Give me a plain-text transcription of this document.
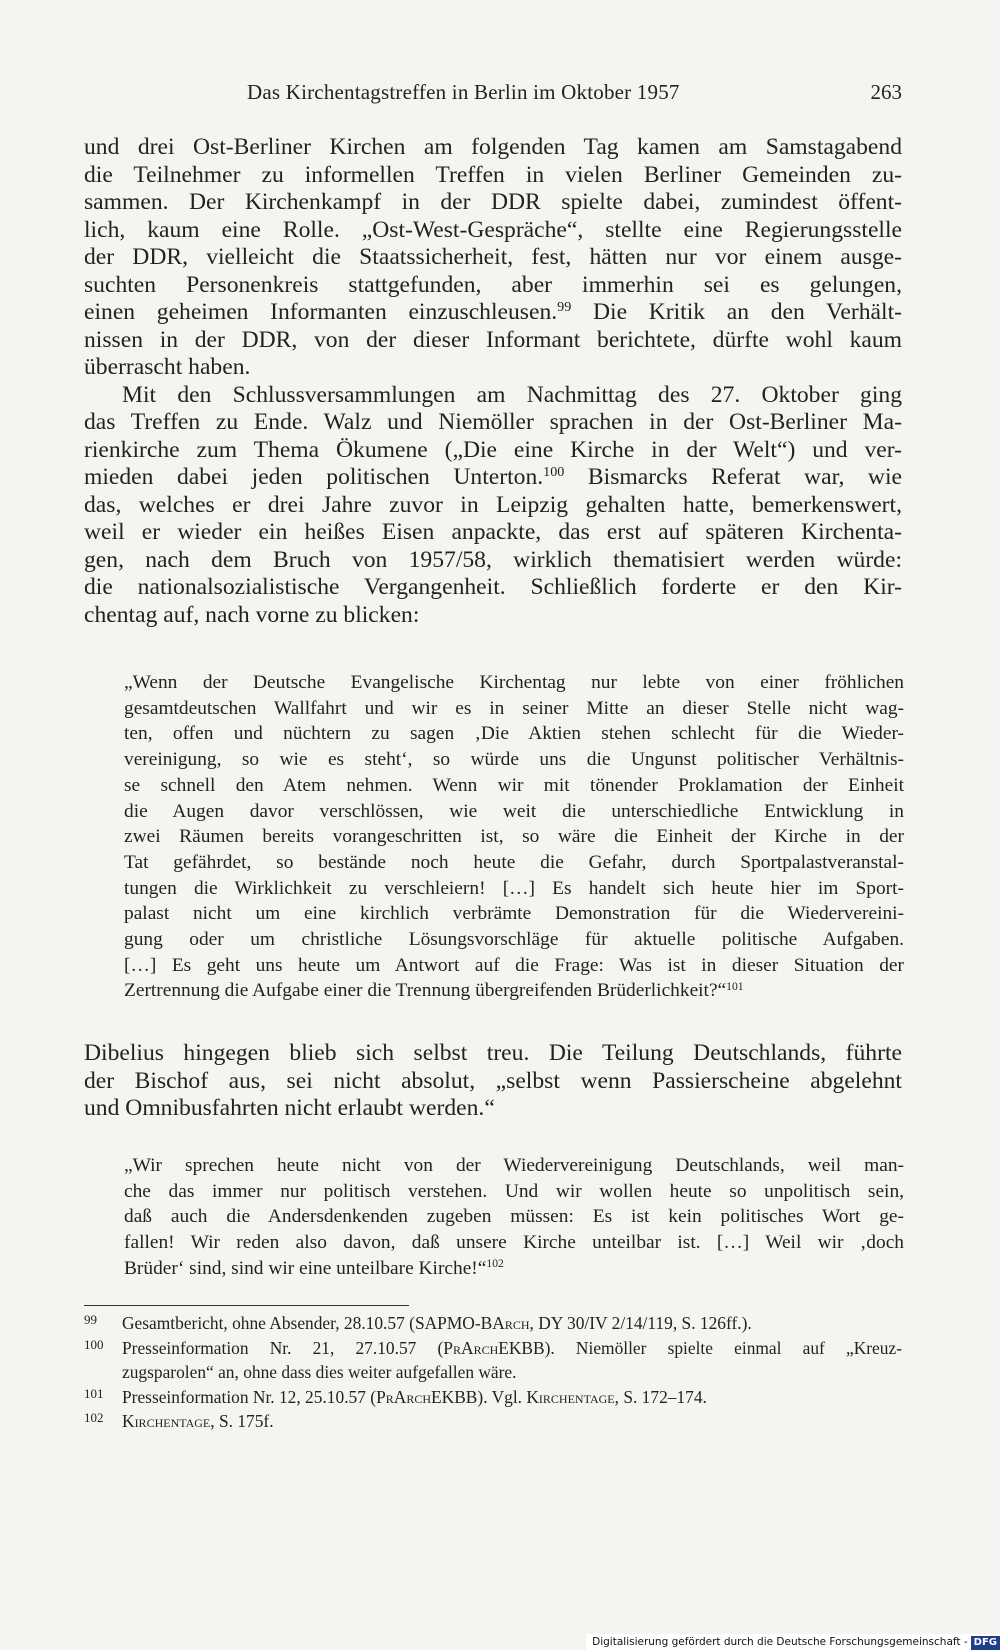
Das Kirchentagstreffen in Berlin im Oktober 1957	263

und drei Ost-Berliner Kirchen am folgenden Tag kamen am Samstagabend
die Teilnehmer zu informellen Treffen in vielen Berliner Gemeinden zu-
sammen. Der Kirchenkampf in der DDR spielte dabei, zumindest öffent-
lich, kaum eine Rolle. „Ost-West-Gespräche“, stellte eine Regierungsstelle
der DDR, vielleicht die Staatssicherheit, fest, hätten nur vor einem ausge-
suchten Personenkreis stattgefunden, aber immerhin sei es gelungen,
einen geheimen Informanten einzuschleusen.$^{99}$ Die Kritik an den Verhält-
nissen in der DDR, von der dieser Informant berichtete, dürfte wohl kaum
überrascht haben.

Mit den Schlussversammlungen am Nachmittag des 27. Oktober ging
das Treffen zu Ende. Walz und Niemöller sprachen in der Ost-Berliner Ma-
rienkirche zum Thema Ökumene („Die eine Kirche in der Welt“) und ver-
mieden dabei jeden politischen Unterton.$^{100}$ Bismarcks Referat war, wie
das, welches er drei Jahre zuvor in Leipzig gehalten hatte, bemerkenswert,
weil er wieder ein heißes Eisen anpackte, das erst auf späteren Kirchenta-
gen, nach dem Bruch von 1957/58, wirklich thematisiert werden würde:
die nationalsozialistische Vergangenheit. Schließlich forderte er den Kir-
chentag auf, nach vorne zu blicken:

„Wenn der Deutsche Evangelische Kirchentag nur lebte von einer fröhlichen
gesamtdeutschen Wallfahrt und wir es in seiner Mitte an dieser Stelle nicht wag-
ten, offen und nüchtern zu sagen ‚Die Aktien stehen schlecht für die Wieder-
vereinigung, so wie es steht‘, so würde uns die Ungunst politischer Verhältnis-
se schnell den Atem nehmen. Wenn wir mit tönender Proklamation der Einheit
die Augen davor verschlössen, wie weit die unterschiedliche Entwicklung in
zwei Räumen bereits vorangeschritten ist, so wäre die Einheit der Kirche in der
Tat gefährdet, so bestände noch heute die Gefahr, durch Sportpalastveranstal-
tungen die Wirklichkeit zu verschleiern! […] Es handelt sich heute hier im Sport-
palast nicht um eine kirchlich verbrämte Demonstration für die Wiedervereini-
gung oder um christliche Lösungsvorschläge für aktuelle politische Aufgaben.
[…] Es geht uns heute um Antwort auf die Frage: Was ist in dieser Situation der
Zertrennung die Aufgabe einer die Trennung übergreifenden Brüderlichkeit?“$^{101}$
Dibelius hingegen blieb sich selbst treu. Die Teilung Deutschlands, führte
der Bischof aus, sei nicht absolut, „selbst wenn Passierscheine abgelehnt
und Omnibusfahrten nicht erlaubt werden.“
„Wir sprechen heute nicht von der Wiedervereinigung Deutschlands, weil man-
che das immer nur politisch verstehen. Und wir wollen heute so unpolitisch sein,
daß auch die Andersdenkenden zugeben müssen: Es ist kein politisches Wort ge-
fallen! Wir reden also davon, daß unsere Kirche unteilbar ist. […] Weil wir ‚doch
Brüder‘ sind, sind wir eine unteilbare Kirche!“$^{102}$
99 Gesamtbericht, ohne Absender, 28.10.57 (SAPMO-BArch, DY 30/IV 2/14/119, S. 126ff.).
100 Presseinformation Nr. 21, 27.10.57 (PrArchEKBB). Niemöller spielte einmal auf „Kreuz-
zugsparolen“ an, ohne dass dies weiter aufgefallen wäre.
101 Presseinformation Nr. 12, 25.10.57 (PrArchEKBB). Vgl. Kirchentage, S. 172–174.
102 Kirchentage, S. 175f.
Digitalisierung gefördert durch die Deutsche Forschungsgemeinschaft - DFG
